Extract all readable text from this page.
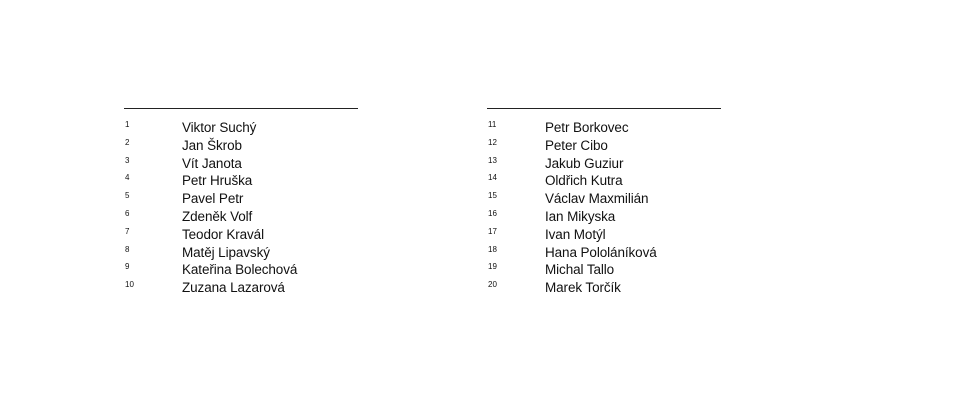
1	Viktor Suchý
2	Jan Škrob
3	Vít Janota
4	Petr Hruška
5	Pavel Petr
6	Zdeněk Volf
7	Teodor Kravál
8	Matěj Lipavský
9	Kateřina Bolechová
10	Zuzana Lazarová
11	Petr Borkovec
12	Peter Cibo
13	Jakub Guziur
14	Oldřich Kutra
15	Václav Maxmilián
16	Ian Mikyska
17	Ivan Motýl
18	Hana Pololáníková
19	Michal Tallo
20	Marek Torčík
